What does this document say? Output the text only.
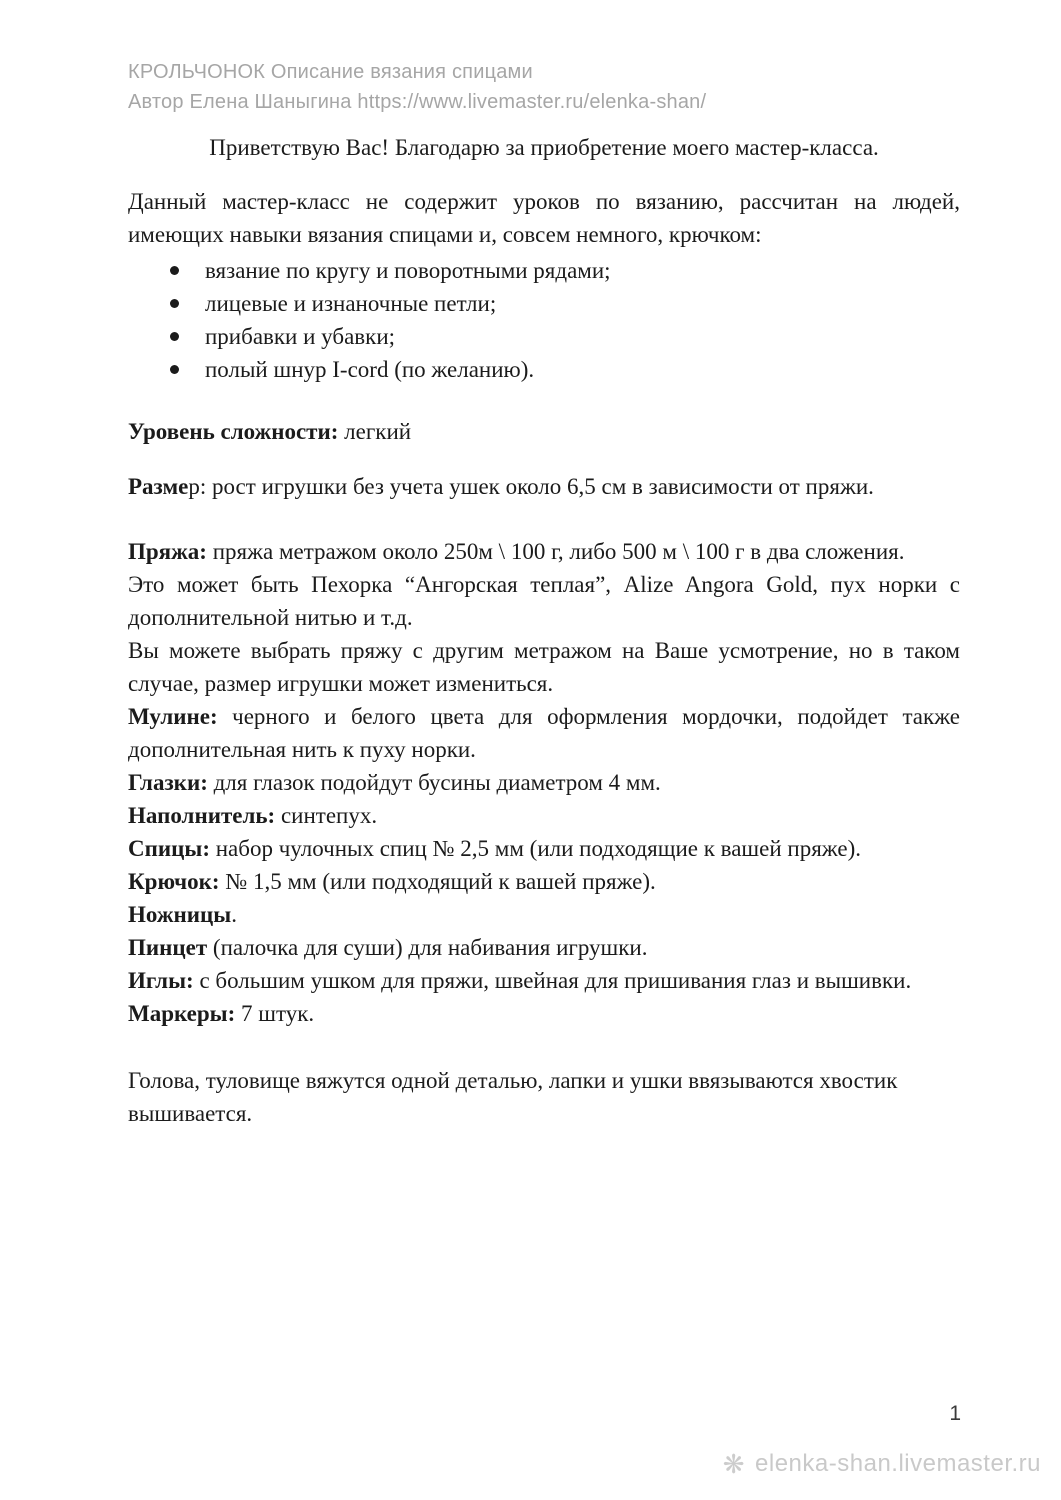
КРОЛЬЧОНОК Описание вязания спицами
Автор Елена Шаныгина https://www.livemaster.ru/elenka-shan/

Приветствую Вас! Благодарю за приобретение моего мастер-класса.

Данный мастер-класс не содержит уроков по вязанию, рассчитан на людей, имеющих навыки вязания спицами и, совсем немного, крючком:

вязание по кругу и поворотными рядами;
лицевые и изнаночные петли;
прибавки и убавки;
полый шнур I-cord (по желанию).

Уровень сложности: легкий

Размер: рост игрушки без учета ушек около 6,5 см в зависимости от пряжи.

Пряжа: пряжа метражом около 250м \ 100 г, либо 500 м \ 100 г в два сложения.

Это может быть Пехорка “Ангорская теплая”, Alize Angora Gold, пух норки с дополнительной нитью и т.д.

Вы можете выбрать пряжу с другим метражом на Ваше усмотрение, но в таком случае, размер игрушки может измениться.

Мулине: черного и белого цвета для оформления мордочки, подойдет также дополнительная нить к пуху норки.

Глазки: для глазок подойдут бусины диаметром 4 мм.

Наполнитель: синтепух.

Спицы: набор чулочных спиц № 2,5 мм (или подходящие к вашей пряже).

Крючок: № 1,5 мм (или подходящий к вашей пряже).

Ножницы.

Пинцет (палочка для суши) для набивания игрушки.

Иглы: с большим ушком для пряжи, швейная для пришивания глаз и вышивки.

Маркеры: 7 штук.

Голова, туловище вяжутся одной деталью, лапки и ушки ввязываются хвостик вышивается.

1
❋ elenka-shan.livemaster.ru
